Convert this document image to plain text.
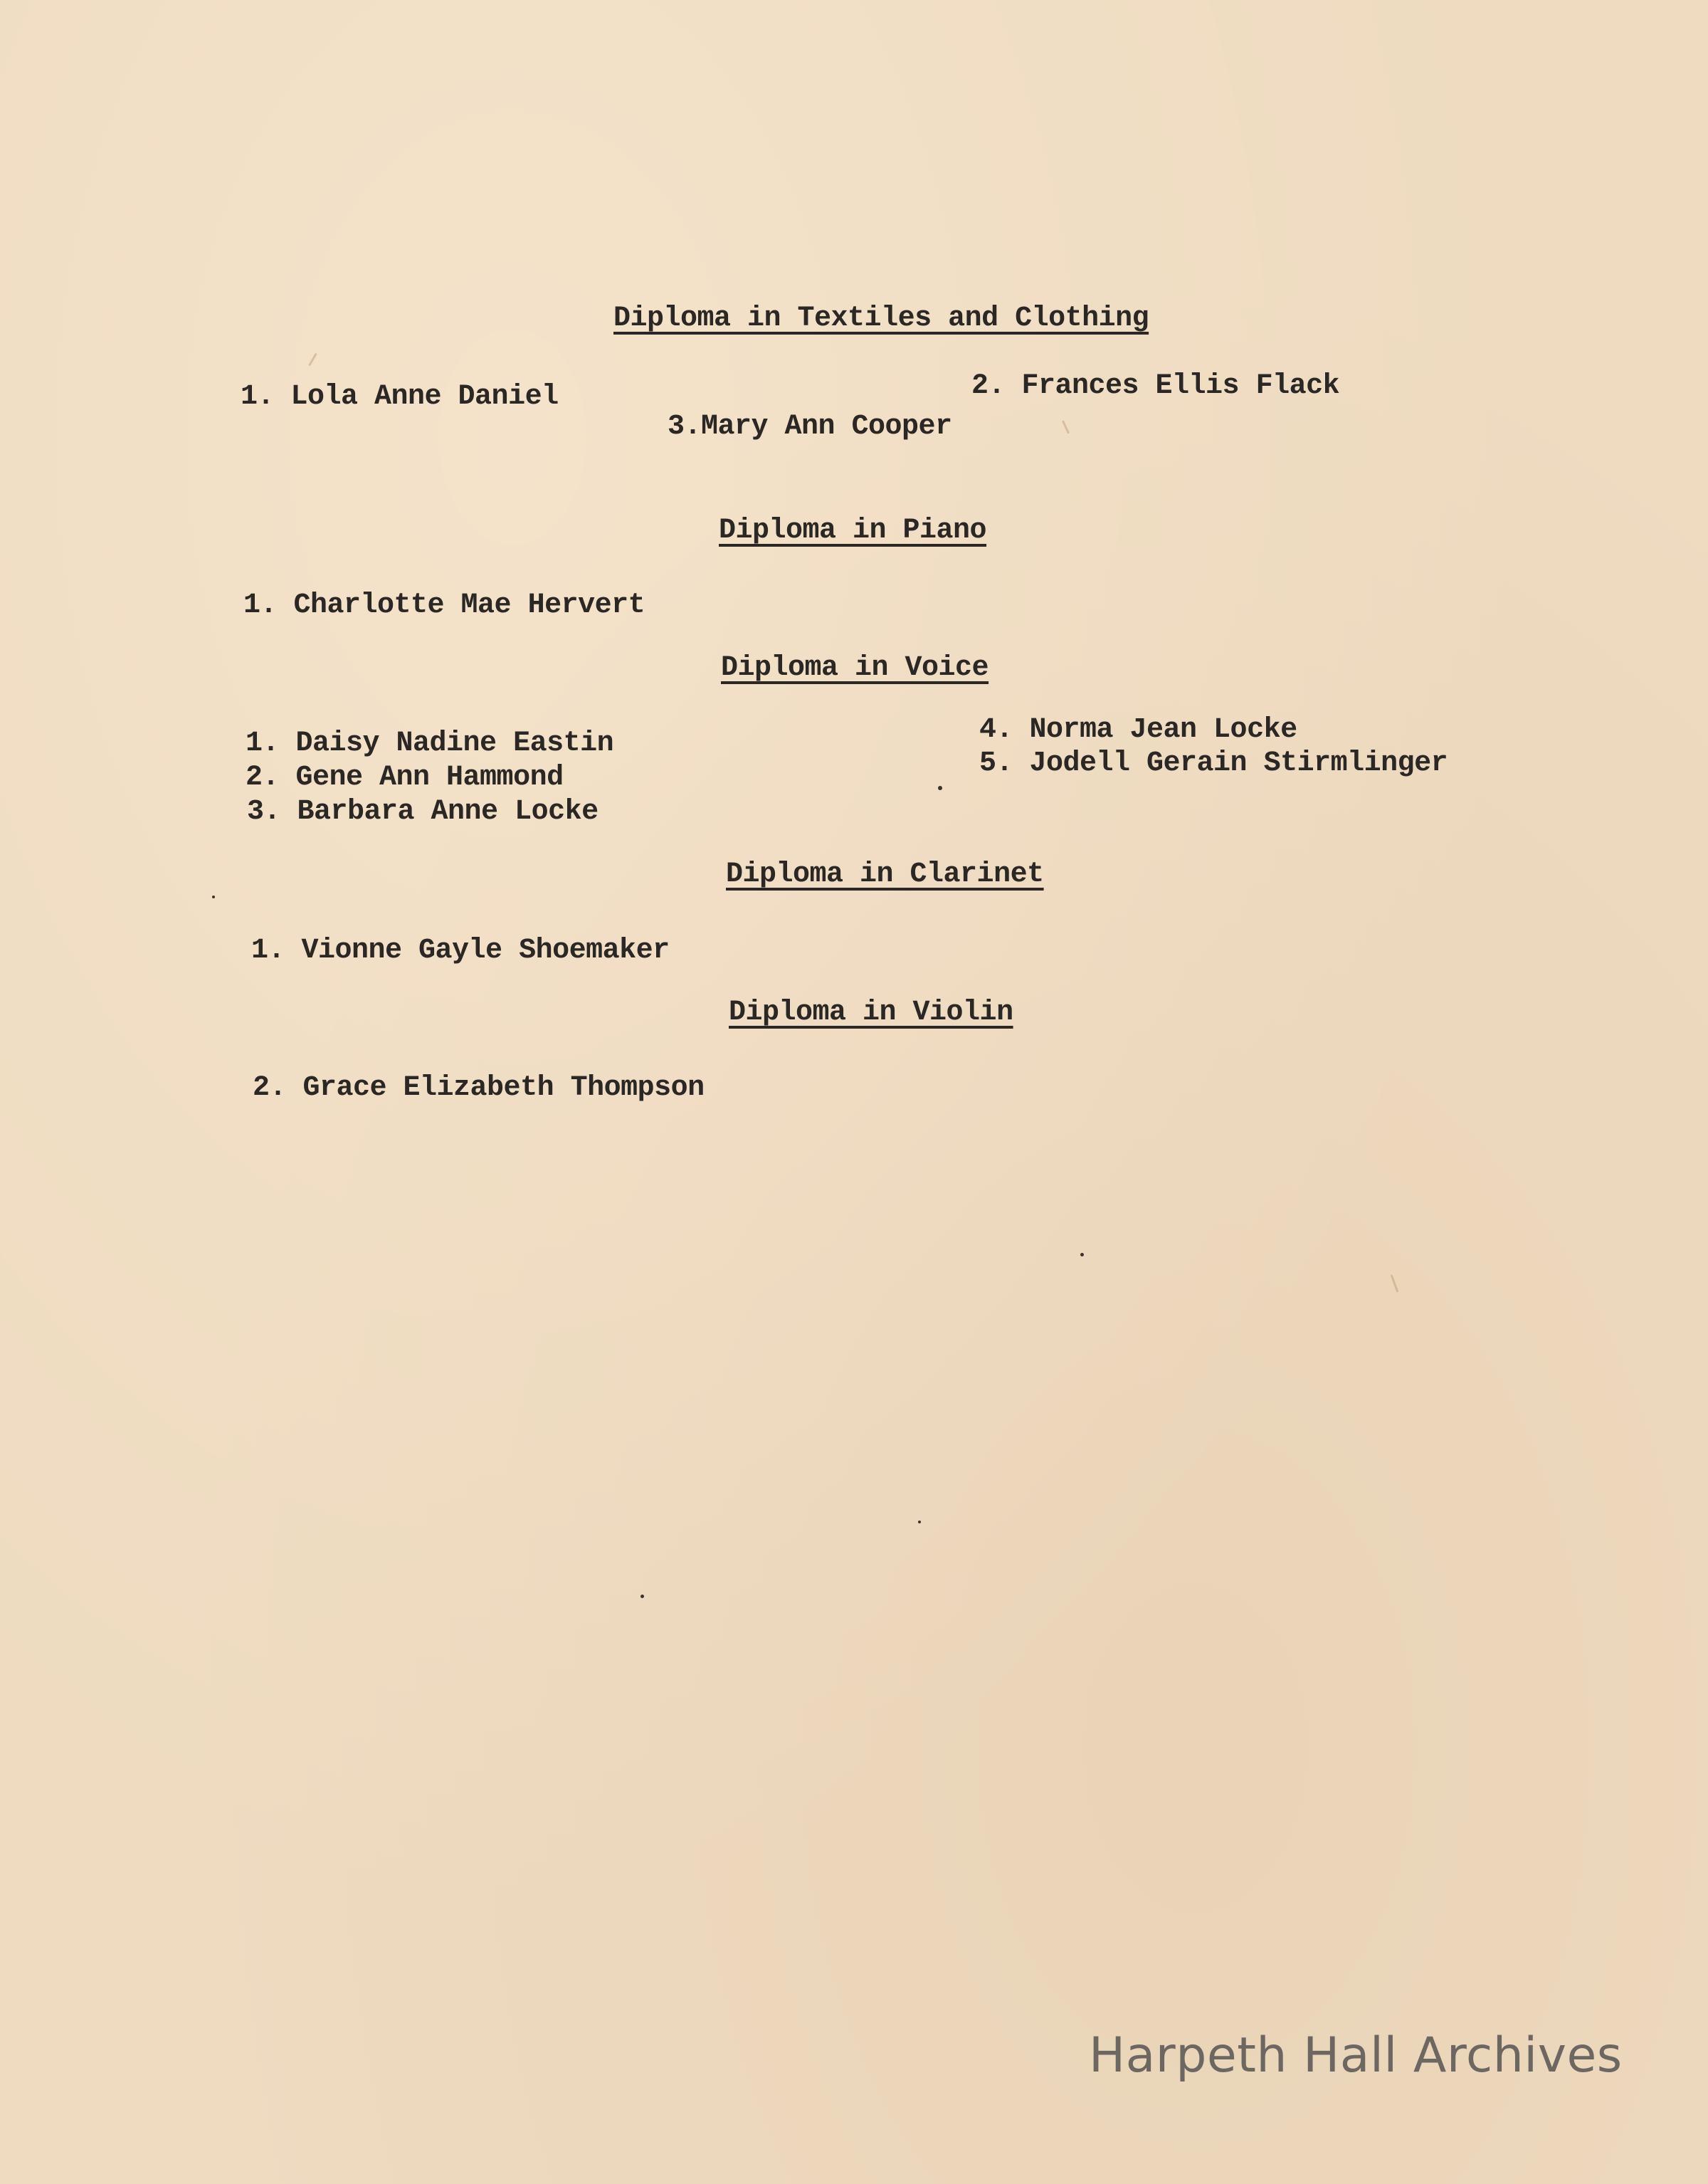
Diploma in Textiles and Clothing
1. Lola Anne Daniel	2. Frances Ellis Flack
3.Mary Ann Cooper
Diploma in Piano
1. Charlotte Mae Hervert
Diploma in Voice
1. Daisy Nadine Eastin
2. Gene Ann Hammond
3. Barbara Anne Locke
4. Norma Jean Locke
5. Jodell Gerain Stirmlinger
Diploma in Clarinet
1. Vionne Gayle Shoemaker
Diploma in Violin
2. Grace Elizabeth Thompson
Harpeth Hall Archives
